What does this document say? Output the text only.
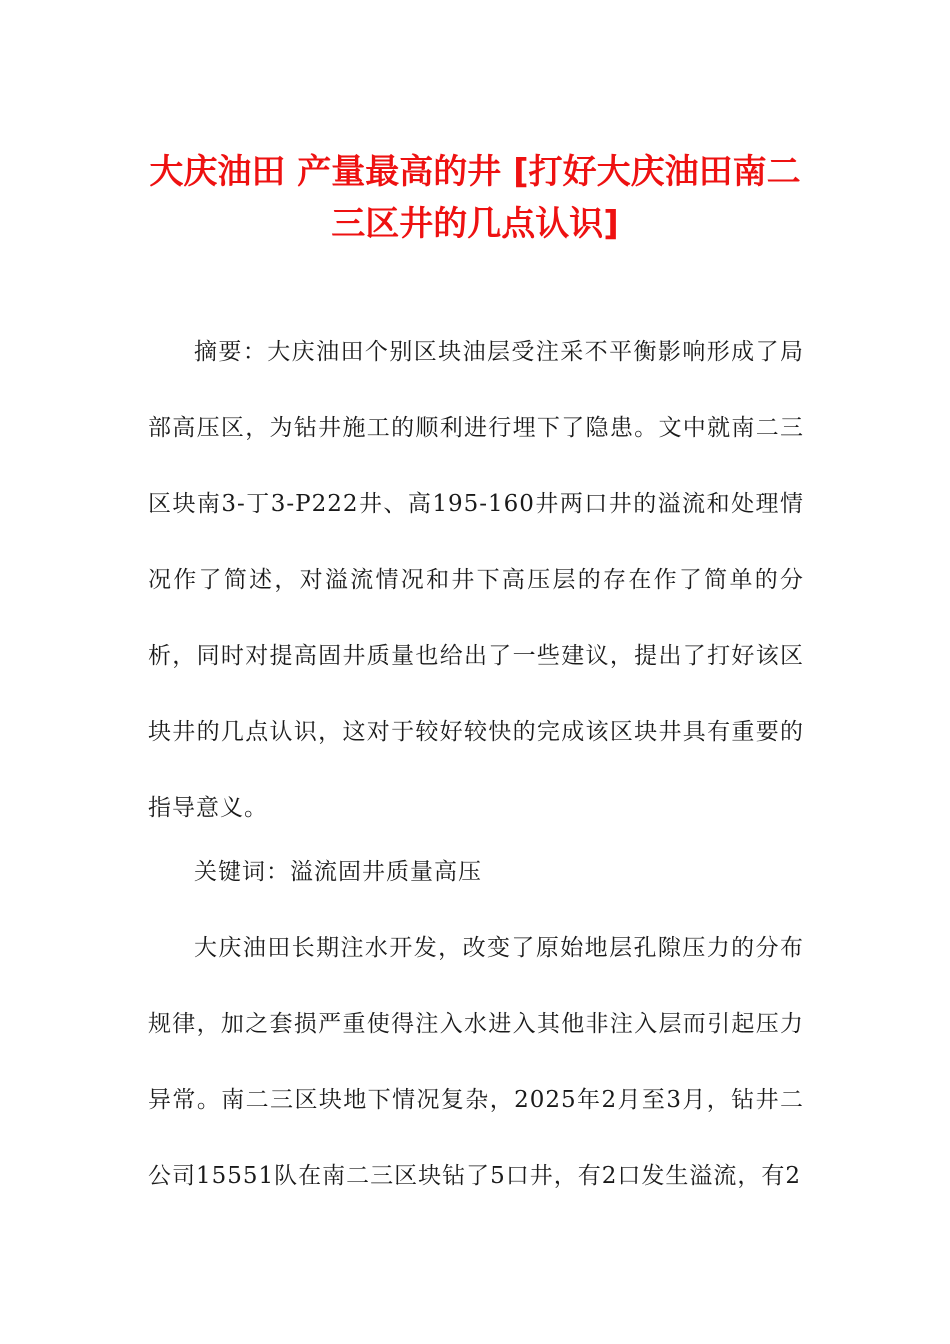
大庆油田 产量最高的井 [打好大庆油田南二三区井的几点认识]

摘要：大庆油田个别区块油层受注采不平衡影响形成了局部高压区，为钻井施工的顺利进行埋下了隐患。文中就南二三区块南3-丁3-P222井、高195-160井两口井的溢流和处理情况作了简述，对溢流情况和井下高压层的存在作了简单的分析，同时对提高固井质量也给出了一些建议，提出了打好该区块井的几点认识，这对于较好较快的完成该区块井具有重要的指导意义。

关键词：溢流固井质量高压

大庆油田长期注水开发，改变了原始地层孔隙压力的分布规律，加之套损严重使得注入水进入其他非注入层而引起压力异常。南二三区块地下情况复杂，2025年2月至3月，钻井二公司15551队在南二三区块钻了5口井，有2口发生溢流，有2
